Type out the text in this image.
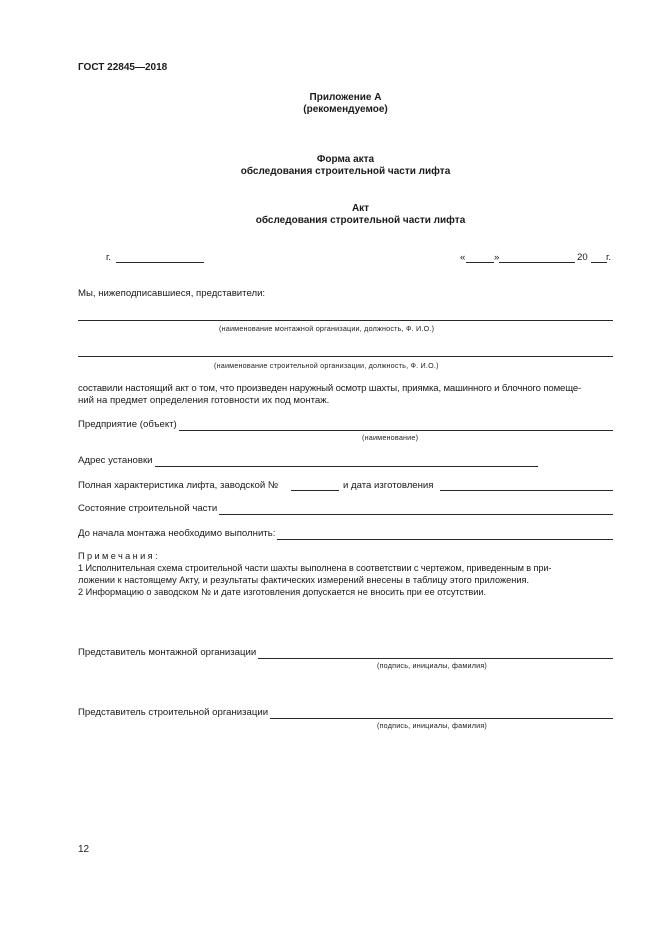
ГОСТ 22845—2018
Приложение А
(рекомендуемое)
Форма акта
обследования строительной части лифта
Акт
обследования строительной части лифта
г.	«	»	20 г.
Мы, нижеподписавшиеся, представители:
(наименование монтажной организации, должность, Ф. И.О.)
(наименование строительной организации, должность, Ф. И.О.)
составили настоящий акт о том, что произведен наружный осмотр шахты, приямка, машинного и блочного помеще-
ний на предмет определения готовности их под монтаж.
Предприятие (объект)
(наименование)
Адрес установки
Полная характеристика лифта, заводской №	и дата изготовления
Состояние строительной части
До начала монтажа необходимо выполнить:
Примечания:
1 Исполнительная схема строительной части шахты выполнена в соответствии с чертежом, приведенным в при-
ложении к настоящему Акту, и результаты фактических измерений внесены в таблицу этого приложения.
2 Информацию о заводском № и дате изготовления допускается не вносить при ее отсутствии.
Представитель монтажной организации
(подпись, инициалы, фамилия)
Представитель строительной организации
(подпись, инициалы, фамилия)
12
